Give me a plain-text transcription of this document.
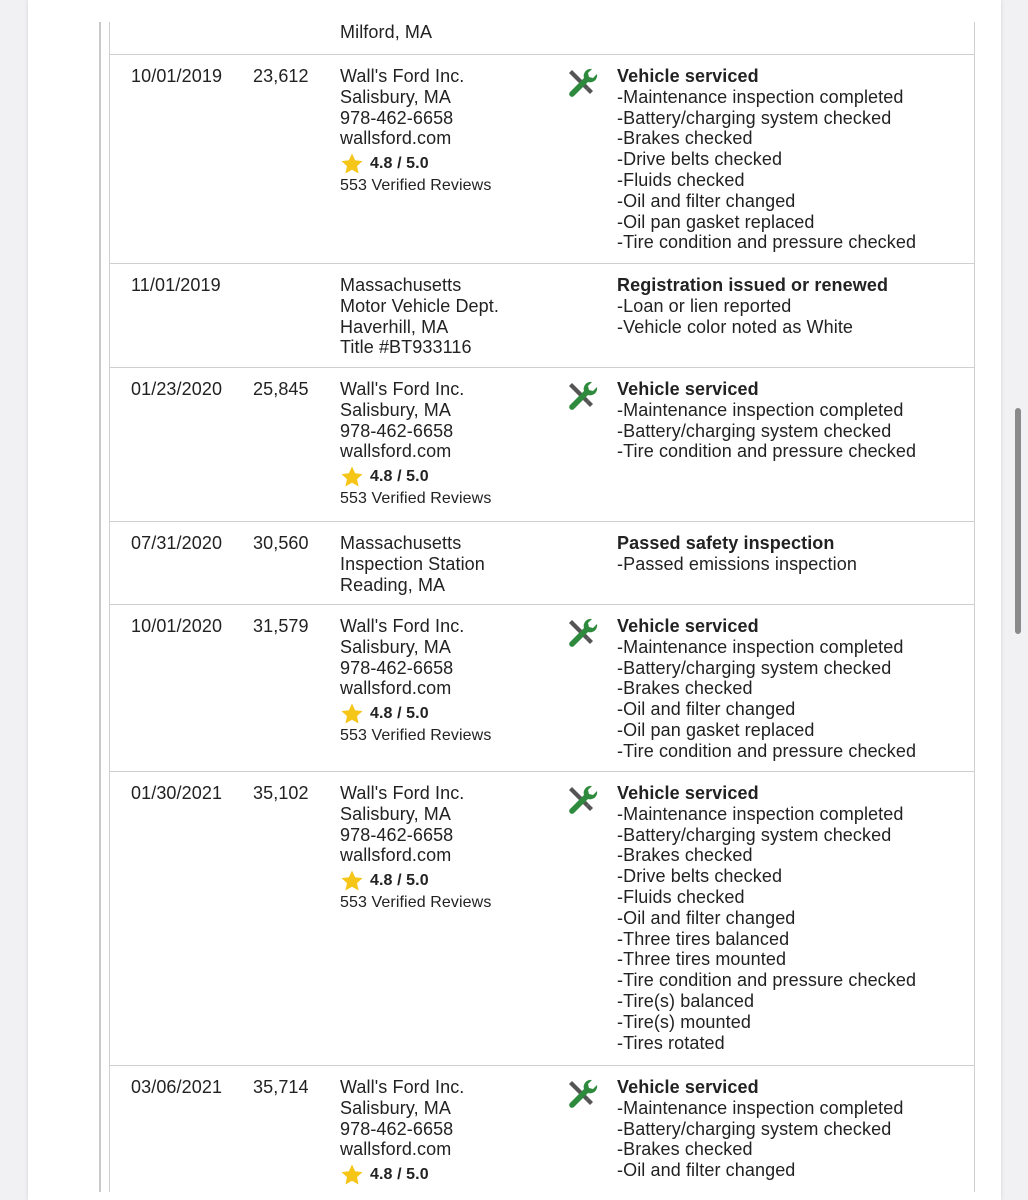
Milford, MA
10/01/2019 23,612 Wall's Ford Inc.
Salisbury, MA
978-462-6658
wallsford.com
4.8 / 5.0
553 Verified Reviews
Vehicle serviced
-Maintenance inspection completed
-Battery/charging system checked
-Brakes checked
-Drive belts checked
-Fluids checked
-Oil and filter changed
-Oil pan gasket replaced
-Tire condition and pressure checked
11/01/2019	Massachusetts
Motor Vehicle Dept.
Haverhill, MA
Title #BT933116
Registration issued or renewed
-Loan or lien reported
-Vehicle color noted as White
01/23/2020 25,845 Wall's Ford Inc.
Salisbury, MA
978-462-6658
wallsford.com
4.8 / 5.0
553 Verified Reviews
Vehicle serviced
-Maintenance inspection completed
-Battery/charging system checked
-Tire condition and pressure checked
07/31/2020 30,560 Massachusetts
Inspection Station
Reading, MA
Passed safety inspection
-Passed emissions inspection
10/01/2020 31,579 Wall's Ford Inc.
Salisbury, MA
978-462-6658
wallsford.com
4.8 / 5.0
553 Verified Reviews
Vehicle serviced
-Maintenance inspection completed
-Battery/charging system checked
-Brakes checked
-Oil and filter changed
-Oil pan gasket replaced
-Tire condition and pressure checked
01/30/2021 35,102 Wall's Ford Inc.
Salisbury, MA
978-462-6658
wallsford.com
4.8 / 5.0
553 Verified Reviews
Vehicle serviced
-Maintenance inspection completed
-Battery/charging system checked
-Brakes checked
-Drive belts checked
-Fluids checked
-Oil and filter changed
-Three tires balanced
-Three tires mounted
-Tire condition and pressure checked
-Tire(s) balanced
-Tire(s) mounted
-Tires rotated
03/06/2021 35,714 Wall's Ford Inc.
Salisbury, MA
978-462-6658
wallsford.com
4.8 / 5.0
Vehicle serviced
-Maintenance inspection completed
-Battery/charging system checked
-Brakes checked
-Oil and filter changed
